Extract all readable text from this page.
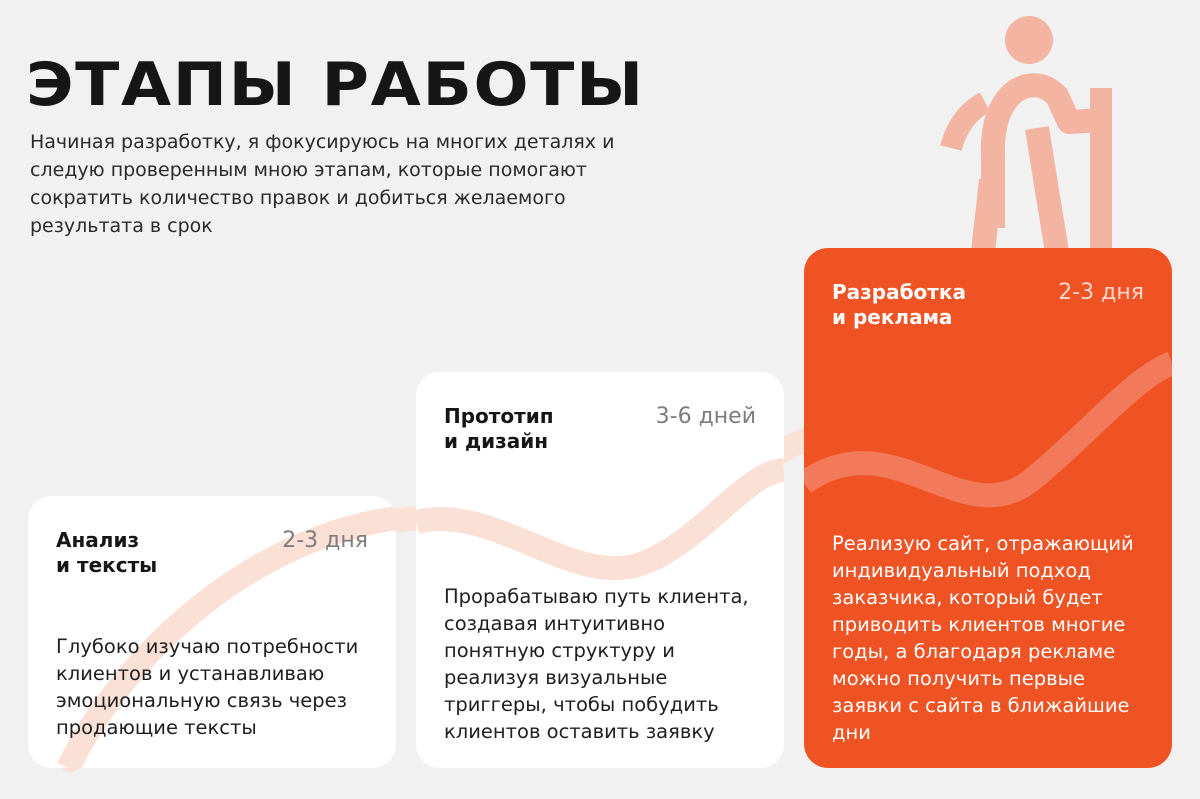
ЭТАПЫ РАБОТЫ

Начиная разработку, я фокусируюсь на многих деталях и следую проверенным мною этапам, которые помогают сократить количество правок и добиться желаемого результата в срок

Анализ
и тексты
2-3 дня
Глубоко изучаю потребности клиентов и устанавливаю эмоциональную связь через продающие тексты
Прототип
и дизайн
3-6 дней
Прорабатываю путь клиента, создавая интуитивно понятную структуру и реализуя визуальные триггеры, чтобы побудить клиентов оставить заявку
Разработка
и реклама
2-3 дня
Реализую сайт, отражающий индивидуальный подход заказчика, который будет приводить клиентов многие годы, а благодаря рекламе можно получить первые заявки с сайта в ближайшие дни
